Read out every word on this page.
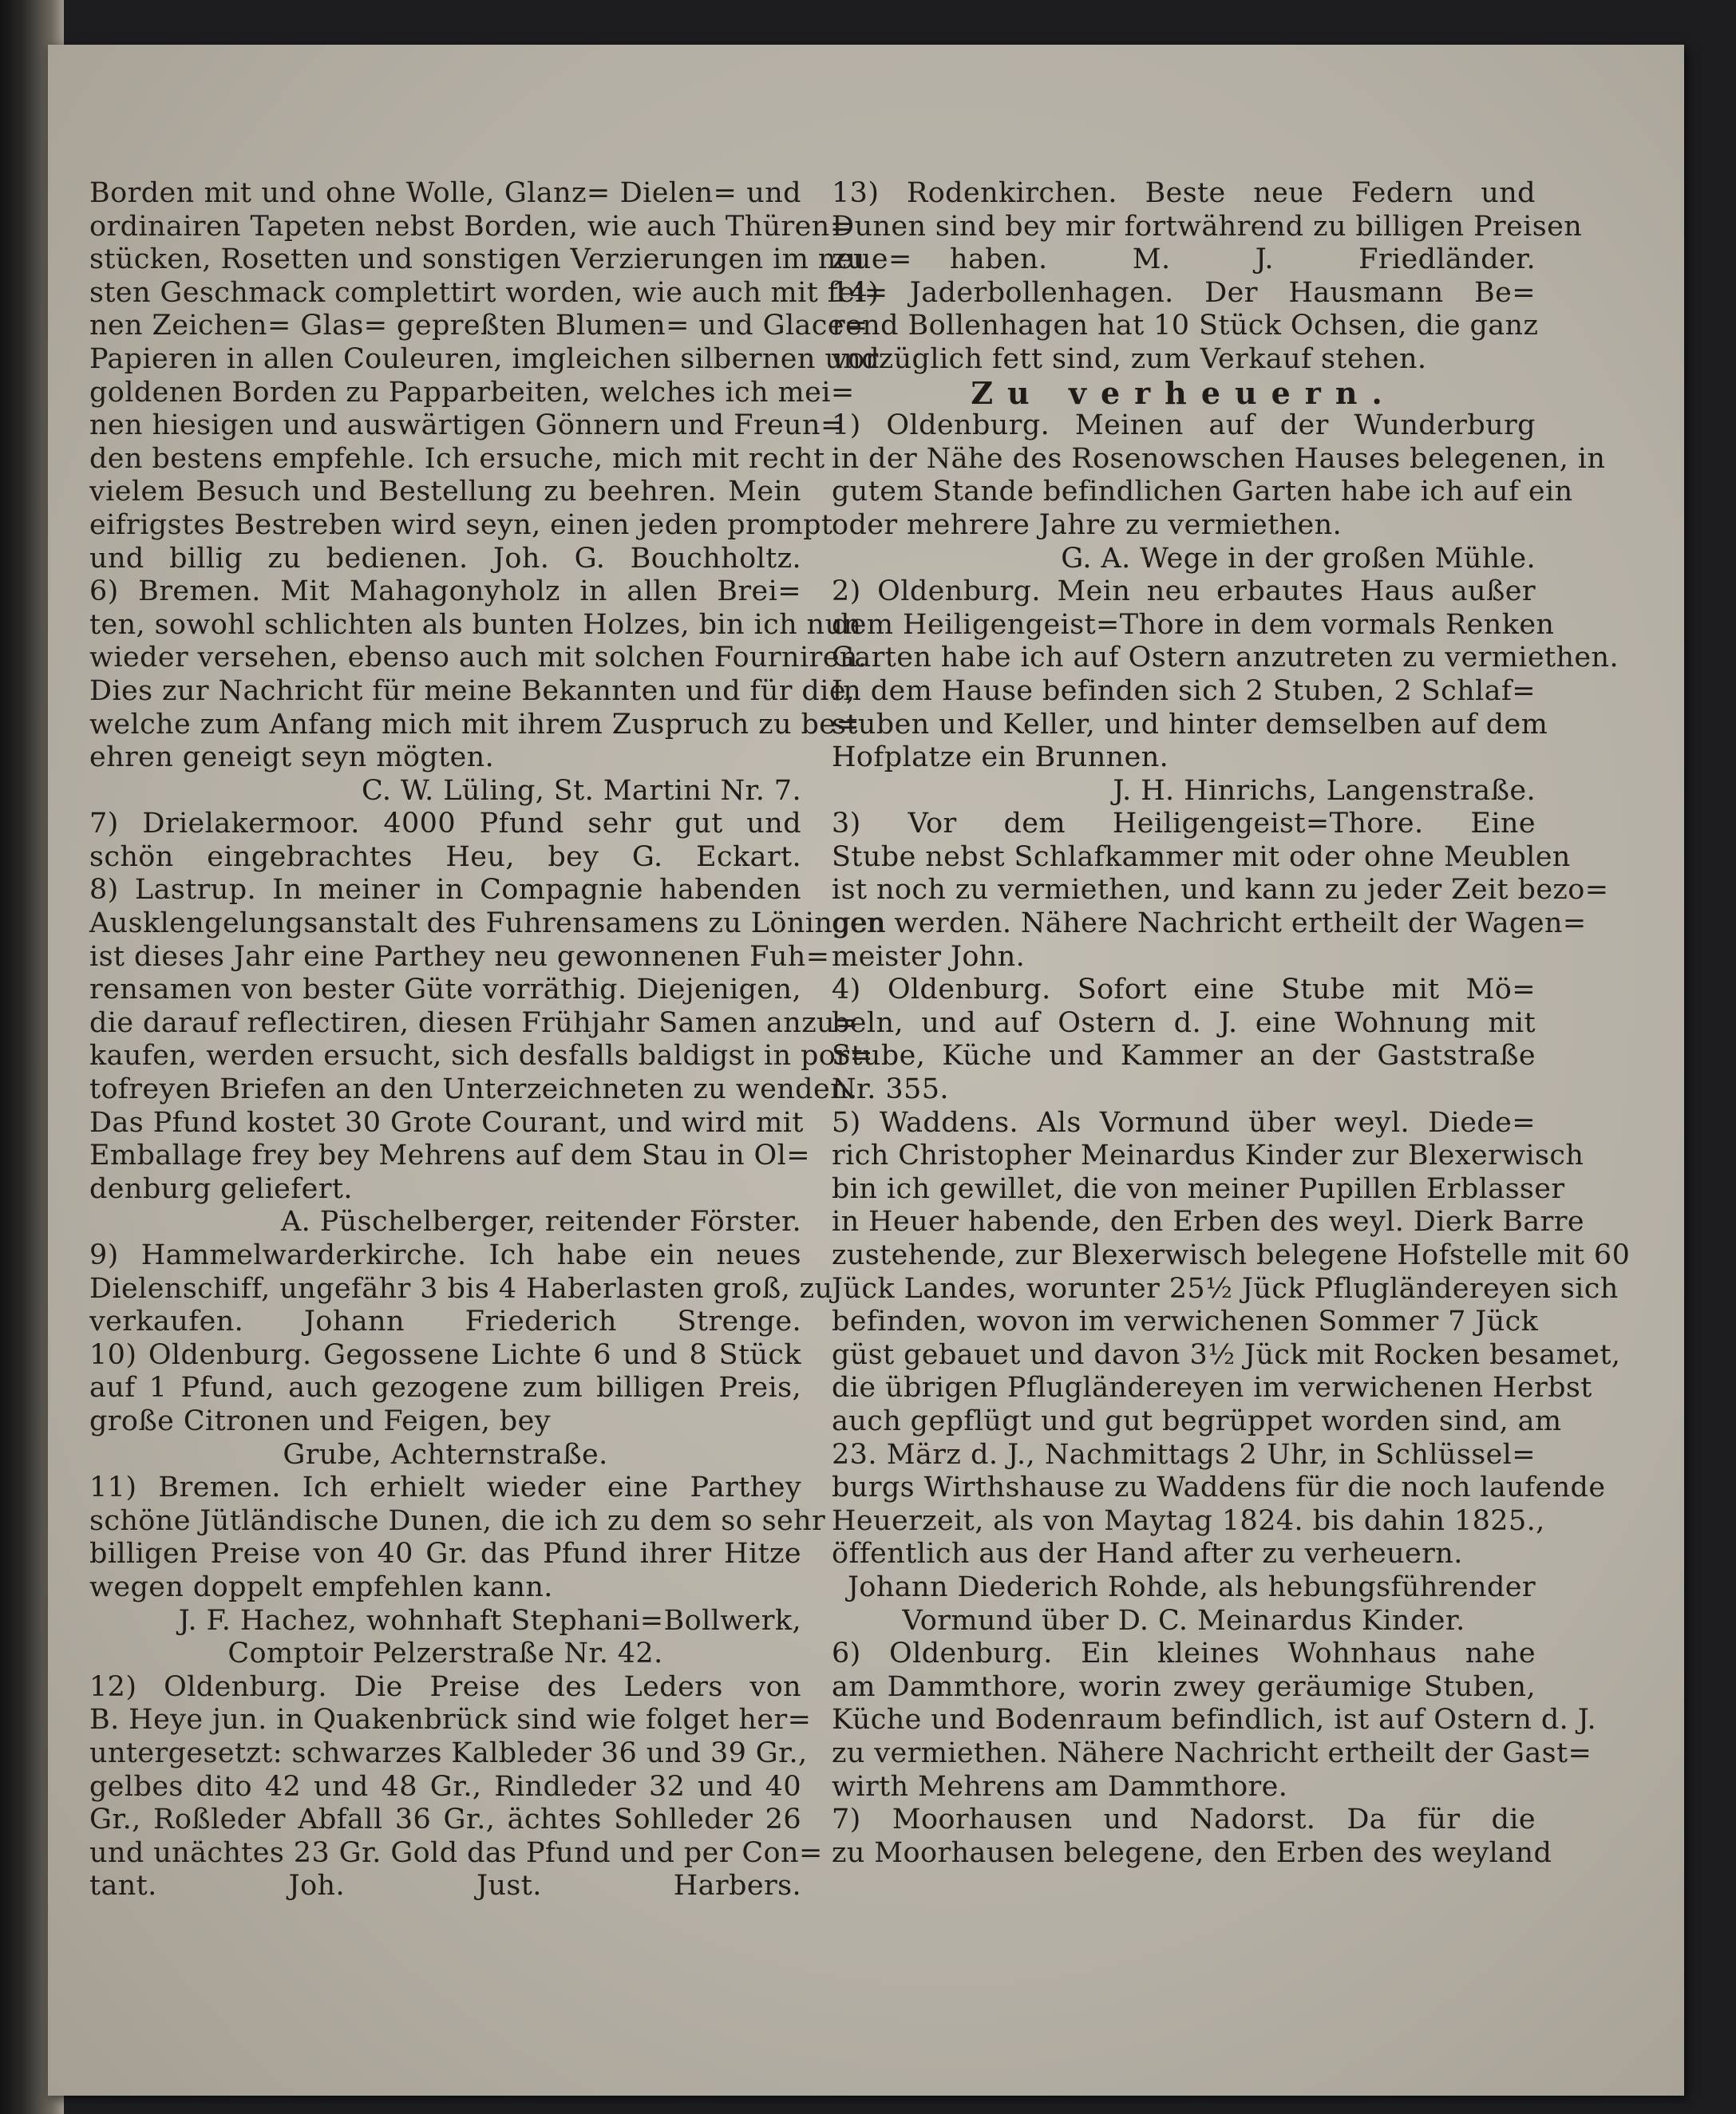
Borden mit und ohne Wolle, Glanz= Dielen= und
ordinairen Tapeten nebst Borden, wie auch Thüren=
stücken, Rosetten und sonstigen Verzierungen im neue=
sten Geschmack complettirt worden, wie auch mit fei=
nen Zeichen= Glas= gepreßten Blumen= und Glace=
Papieren in allen Couleuren, imgleichen silbernen und
goldenen Borden zu Papparbeiten, welches ich mei=
nen hiesigen und auswärtigen Gönnern und Freun=
den bestens empfehle. Ich ersuche, mich mit recht
vielem Besuch und Bestellung zu beehren. Mein
eifrigstes Bestreben wird seyn, einen jeden prompt
und billig zu bedienen. Joh. G. Bouchholtz.
6) Bremen. Mit Mahagonyholz in allen Brei=
ten, sowohl schlichten als bunten Holzes, bin ich nun
wieder versehen, ebenso auch mit solchen Fourniren.
Dies zur Nachricht für meine Bekannten und für die,
welche zum Anfang mich mit ihrem Zuspruch zu be=
ehren geneigt seyn mögten.
C. W. Lüling, St. Martini Nr. 7.
7) Drielakermoor. 4000 Pfund sehr gut und
schön eingebrachtes Heu, bey G. Eckart.
8) Lastrup. In meiner in Compagnie habenden
Ausklengelungsanstalt des Fuhrensamens zu Löningen
ist dieses Jahr eine Parthey neu gewonnenen Fuh=
rensamen von bester Güte vorräthig. Diejenigen,
die darauf reflectiren, diesen Frühjahr Samen anzu=
kaufen, werden ersucht, sich desfalls baldigst in por=
tofreyen Briefen an den Unterzeichneten zu wenden.
Das Pfund kostet 30 Grote Courant, und wird mit
Emballage frey bey Mehrens auf dem Stau in Ol=
denburg geliefert.
A. Püschelberger, reitender Förster.
9) Hammelwarderkirche. Ich habe ein neues
Dielenschiff, ungefähr 3 bis 4 Haberlasten groß, zu
verkaufen. Johann Friederich Strenge.
10) Oldenburg. Gegossene Lichte 6 und 8 Stück
auf 1 Pfund, auch gezogene zum billigen Preis,
große Citronen und Feigen, bey
Grube, Achternstraße.
11) Bremen. Ich erhielt wieder eine Parthey
schöne Jütländische Dunen, die ich zu dem so sehr
billigen Preise von 40 Gr. das Pfund ihrer Hitze
wegen doppelt empfehlen kann.
J. F. Hachez, wohnhaft Stephani=Bollwerk,
Comptoir Pelzerstraße Nr. 42.
12) Oldenburg. Die Preise des Leders von
B. Heye jun. in Quakenbrück sind wie folget her=
untergesetzt: schwarzes Kalbleder 36 und 39 Gr.,
gelbes dito 42 und 48 Gr., Rindleder 32 und 40
Gr., Roßleder Abfall 36 Gr., ächtes Sohlleder 26
und unächtes 23 Gr. Gold das Pfund und per Con=
tant. Joh. Just. Harbers.
13) Rodenkirchen. Beste neue Federn und
Dunen sind bey mir fortwährend zu billigen Preisen
zu haben. M. J. Friedländer.
14) Jaderbollenhagen. Der Hausmann Be=
rend Bollenhagen hat 10 Stück Ochsen, die ganz
vorzüglich fett sind, zum Verkauf stehen.
Zu verheuern.
1) Oldenburg. Meinen auf der Wunderburg
in der Nähe des Rosenowschen Hauses belegenen, in
gutem Stande befindlichen Garten habe ich auf ein
oder mehrere Jahre zu vermiethen.
G. A. Wege in der großen Mühle.
2) Oldenburg. Mein neu erbautes Haus außer
dem Heiligengeist=Thore in dem vormals Renken
Garten habe ich auf Ostern anzutreten zu vermiethen.
In dem Hause befinden sich 2 Stuben, 2 Schlaf=
stuben und Keller, und hinter demselben auf dem
Hofplatze ein Brunnen.
J. H. Hinrichs, Langenstraße.
3) Vor dem Heiligengeist=Thore. Eine
Stube nebst Schlafkammer mit oder ohne Meublen
ist noch zu vermiethen, und kann zu jeder Zeit bezo=
gen werden. Nähere Nachricht ertheilt der Wagen=
meister John.
4) Oldenburg. Sofort eine Stube mit Mö=
beln, und auf Ostern d. J. eine Wohnung mit
Stube, Küche und Kammer an der Gaststraße
Nr. 355.
5) Waddens. Als Vormund über weyl. Diede=
rich Christopher Meinardus Kinder zur Blexerwisch
bin ich gewillet, die von meiner Pupillen Erblasser
in Heuer habende, den Erben des weyl. Dierk Barre
zustehende, zur Blexerwisch belegene Hofstelle mit 60
Jück Landes, worunter 25½ Jück Pflugländereyen sich
befinden, wovon im verwichenen Sommer 7 Jück
güst gebauet und davon 3½ Jück mit Rocken besamet,
die übrigen Pflugländereyen im verwichenen Herbst
auch gepflügt und gut begrüppet worden sind, am
23. März d. J., Nachmittags 2 Uhr, in Schlüssel=
burgs Wirthshause zu Waddens für die noch laufende
Heuerzeit, als von Maytag 1824. bis dahin 1825.,
öffentlich aus der Hand after zu verheuern.
Johann Diederich Rohde, als hebungsführender
Vormund über D. C. Meinardus Kinder.
6) Oldenburg. Ein kleines Wohnhaus nahe
am Dammthore, worin zwey geräumige Stuben,
Küche und Bodenraum befindlich, ist auf Ostern d. J.
zu vermiethen. Nähere Nachricht ertheilt der Gast=
wirth Mehrens am Dammthore.
7) Moorhausen und Nadorst. Da für die
zu Moorhausen belegene, den Erben des weyland
